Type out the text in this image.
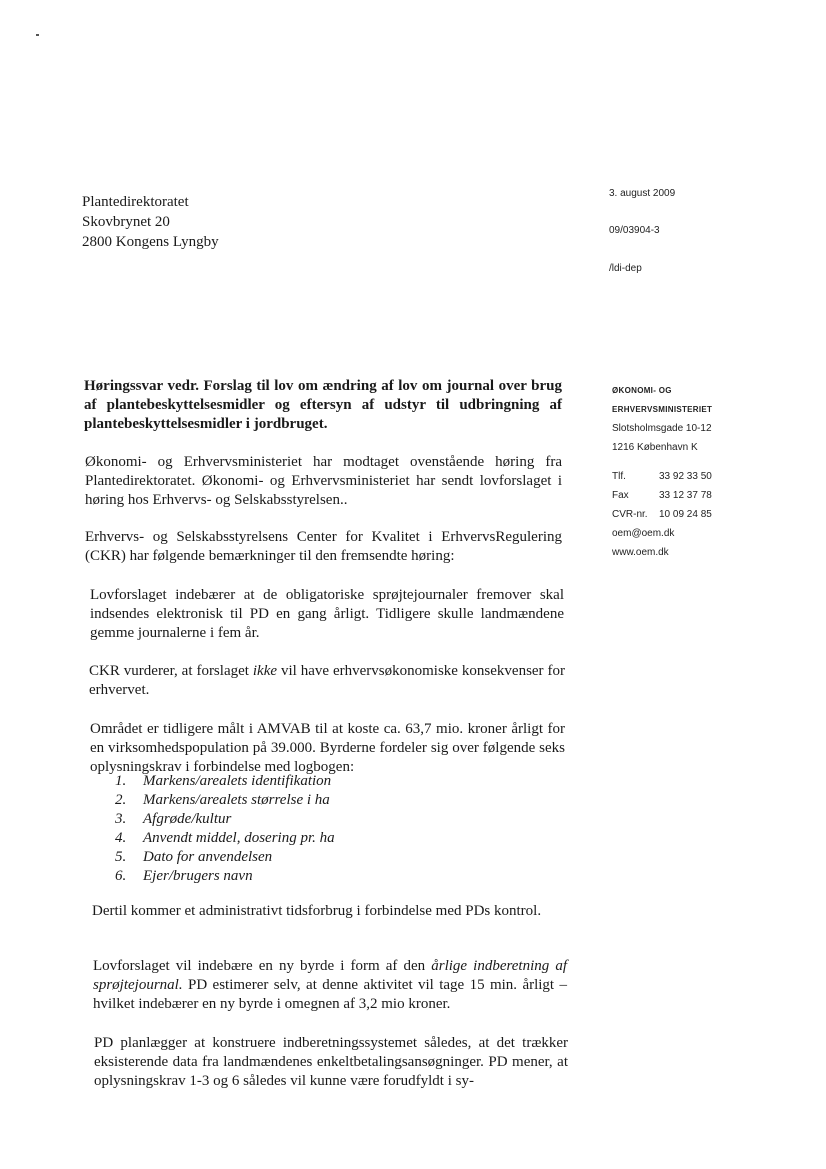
Plantedirektoratet
Skovbrynet 20
2800 Kongens Lyngby
3. august 2009
09/03904-3
/ldi-dep
ØKONOMI- OG
ERHVERVSMINISTERIET
Slotsholmsgade 10-12
1216 København K
Tlf.	33 92 33 50
Fax	33 12 37 78
CVR-nr.	10 09 24 85
oem@oem.dk
www.oem.dk
Høringssvar vedr. Forslag til lov om ændring af lov om journal over brug af plantebeskyttelsesmidler og eftersyn af udstyr til udbringning af plantebeskyttelsesmidler i jordbruget.

Økonomi- og Erhvervsministeriet har modtaget ovenstående høring fra Plantedirektoratet. Økonomi- og Erhvervsministeriet har sendt lovforslaget i høring hos Erhvervs- og Selskabsstyrelsen..

Erhvervs- og Selskabsstyrelsens Center for Kvalitet i ErhvervsRegulering (CKR) har følgende bemærkninger til den fremsendte høring:

Lovforslaget indebærer at de obligatoriske sprøjtejournaler fremover skal indsendes elektronisk til PD en gang årligt. Tidligere skulle landmændene gemme journalerne i fem år.

CKR vurderer, at forslaget ikke vil have erhvervsøkonomiske konsekvenser for erhvervet.

Området er tidligere målt i AMVAB til at koste ca. 63,7 mio. kroner årligt for en virksomhedspopulation på 39.000. Byrderne fordeler sig over følgende seks oplysningskrav i forbindelse med logbogen:

1.	Markens/arealets identifikation
2.	Markens/arealets størrelse i ha
3.	Afgrøde/kultur
4.	Anvendt middel, dosering pr. ha
5.	Dato for anvendelsen
6.	Ejer/brugers navn

Dertil kommer et administrativt tidsforbrug i forbindelse med PDs kontrol.

Lovforslaget vil indebære en ny byrde i form af den årlige indberetning af sprøjtejournal. PD estimerer selv, at denne aktivitet vil tage 15 min. årligt – hvilket indebærer en ny byrde i omegnen af 3,2 mio kroner.

PD planlægger at konstruere indberetningssystemet således, at det trækker eksisterende data fra landmændenes enkeltbetalingsansøgninger. PD mener, at oplysningskrav 1-3 og 6 således vil kunne være forudfyldt i sy-
